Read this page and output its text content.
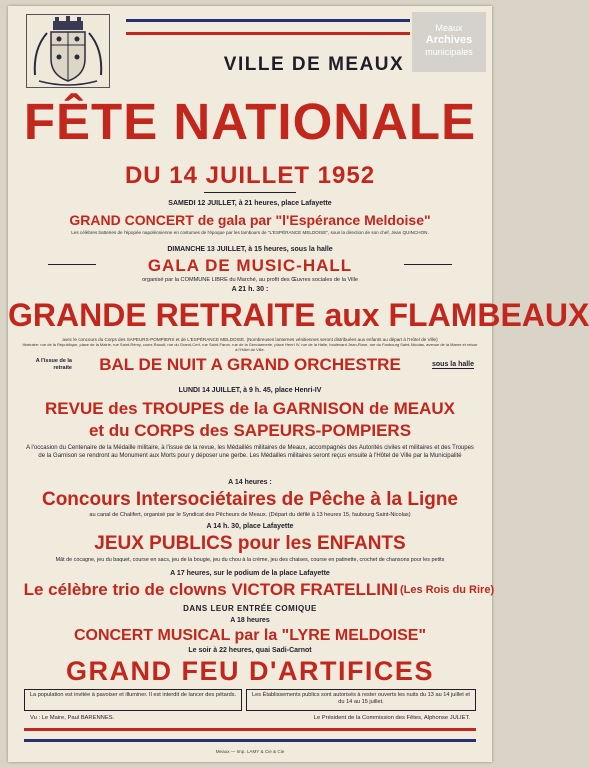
Meaux
Archives
municipales
VILLE DE MEAUX
FÊTE NATIONALE
DU 14 JUILLET 1952
SAMEDI 12 JUILLET, à 21 heures, place Lafayette
GRAND CONCERT de gala par "l'Espérance Meldoise"
Les célèbres batteries de l'épopée napoléonienne en costumes de l'époque par les tambours de "L'ESPÉRANCE MELDOISE", sous la direction de son chef, Jean QUINCHON.
DIMANCHE 13 JUILLET, à 15 heures, sous la halle
GALA DE MUSIC-HALL
organisé par la COMMUNE LIBRE du Marché, au profit des Œuvres sociales de la Ville
A 21 h. 30 :
GRANDE RETRAITE aux FLAMBEAUX
avec le concours du Corps des SAPEURS-POMPIERS et de L'ESPÉRANCE MELDOISE. (Nombreuses lanternes vénitiennes seront distribuées aux enfants au départ à l'Hôtel de Ville)
Itinéraire: rue de la République, place de la Mairie, rue Saint-Rémy, cours Raoult, rue du Grand-Cerf, rue Saint-Faron, rue de la Gendarmerie, place Henri IV, rue de la Halle, boulevard Jean-Rose, rue du Faubourg Saint-Nicolas, avenue de la Marne et retour à l'Hôtel de Ville.
A l'issue de la retraite	BAL DE NUIT A GRAND ORCHESTRE	sous la halle
LUNDI 14 JUILLET, à 9 h. 45, place Henri-IV
REVUE des TROUPES de la GARNISON de MEAUX
et du CORPS des SAPEURS-POMPIERS
A l'occasion du Centenaire de la Médaille militaire, à l'issue de la revue, les Médaillés militaires de Meaux, accompagnés des Autorités civiles et militaires et des Troupes de la Garnison se rendront au Monument aux Morts pour y déposer une gerbe. Les Médailles militaires seront reçus ensuite à l'Hôtel de Ville par la Municipalité
A 14 heures :
Concours Intersociétaires de Pêche à la Ligne
au canal de Chalifert, organisé par le Syndicat des Pêcheurs de Meaux. (Départ du défilé à 13 heures 15, faubourg Saint-Nicolas)
A 14 h. 30, place Lafayette
JEUX PUBLICS pour les ENFANTS
Mât de cocagne, jeu du baquet, course en sacs, jeu de la bougie, jeu du chou à la crème, jeu des chaises, course en patinette, crochet de chansons pour les petits
A 17 heures, sur le podium de la place Lafayette
Le célèbre trio de clowns VICTOR FRATELLINI (Les Rois du Rire)
DANS LEUR ENTRÉE COMIQUE
A 18 heures
CONCERT MUSICAL par la "LYRE MELDOISE"
Le soir à 22 heures, quai Sadi-Carnot
GRAND FEU D'ARTIFICES
La population est invitée à pavoiser et illuminer. Il est interdit de lancer des pétards.	Les Établissements publics sont autorisés à rester ouverts les nuits du 13 au 14 juillet et du 14 au 15 juillet.
Vu : Le Maire, Paul BARENNES.	Le Président de la Commission des Fêtes, Alphonse JULIET.
Meaux — Imp. LAMY & Cie & Cie
